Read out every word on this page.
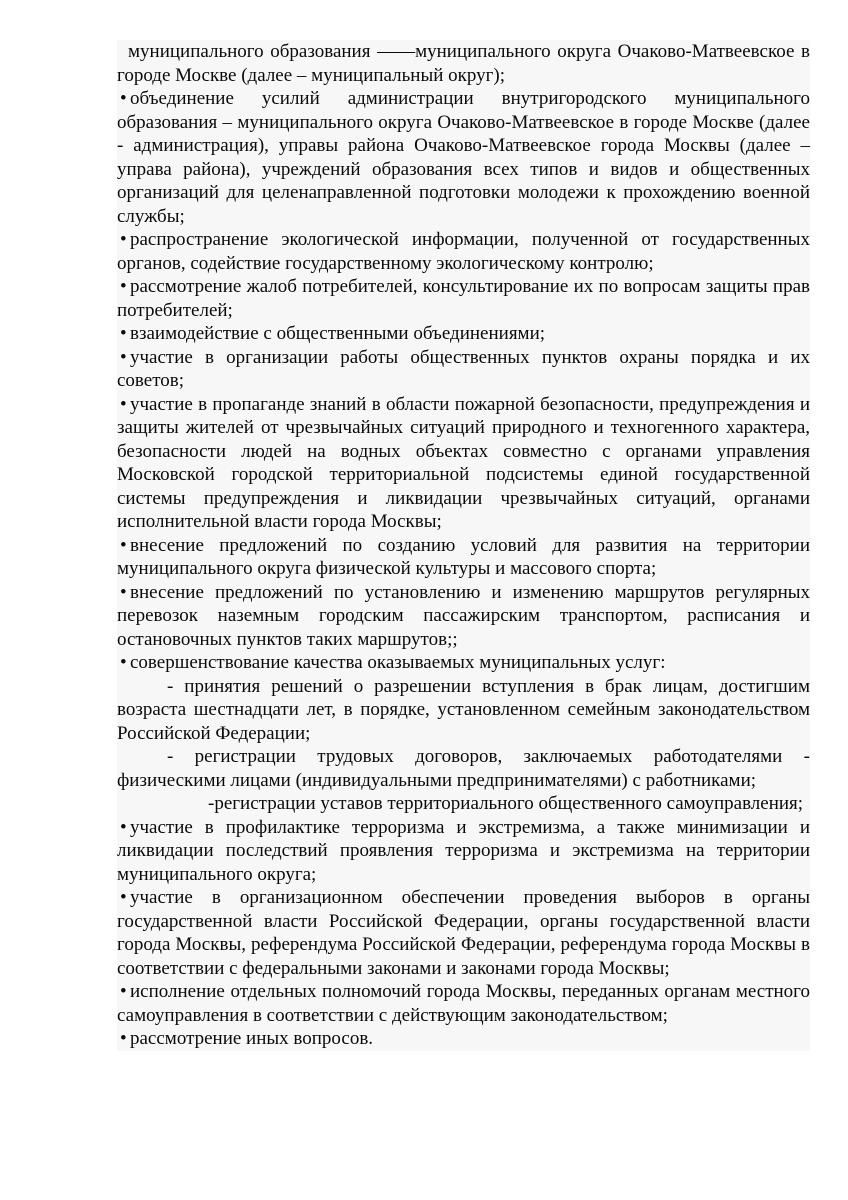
муниципального образования ——муниципального округа Очаково-Матвеевское в городе Москве (далее – муниципальный округ);

• объединение усилий администрации внутригородского муниципального образования – муниципального округа Очаково-Матвеевское в городе Москве (далее - администрация), управы района Очаково-Матвеевское города Москвы (далее – управа района), учреждений образования всех типов и видов и общественных организаций для целенаправленной подготовки молодежи к прохождению военной службы;

• распространение экологической информации, полученной от государственных органов, содействие государственному экологическому контролю;

• рассмотрение жалоб потребителей, консультирование их по вопросам защиты прав потребителей;

• взаимодействие с общественными объединениями;

• участие в организации работы общественных пунктов охраны порядка и их советов;

• участие в пропаганде знаний в области пожарной безопасности, предупреждения и защиты жителей от чрезвычайных ситуаций природного и техногенного характера, безопасности людей на водных объектах совместно с органами управления Московской городской территориальной подсистемы единой государственной системы предупреждения и ликвидации чрезвычайных ситуаций, органами исполнительной власти города Москвы;

• внесение предложений по созданию условий для развития на территории муниципального округа физической культуры и массового спорта;

• внесение предложений по установлению и изменению маршрутов регулярных перевозок наземным городским пассажирским транспортом, расписания и остановочных пунктов таких маршрутов;;

• совершенствование качества оказываемых муниципальных услуг:

- принятия решений о разрешении вступления в брак лицам, достигшим возраста шестнадцати лет, в порядке, установленном семейным законодательством Российской Федерации;

- регистрации трудовых договоров, заключаемых работодателями - физическими лицами (индивидуальными предпринимателями) с работниками;

-регистрации уставов территориального общественного самоуправления;

• участие в профилактике терроризма и экстремизма, а также минимизации и ликвидации последствий проявления терроризма и экстремизма на территории муниципального округа;

• участие в организационном обеспечении проведения выборов в органы государственной власти Российской Федерации, органы государственной власти города Москвы, референдума Российской Федерации, референдума города Москвы в соответствии с федеральными законами и законами города Москвы;

• исполнение отдельных полномочий города Москвы, переданных органам местного самоуправления в соответствии с действующим законодательством;

• рассмотрение иных вопросов.
